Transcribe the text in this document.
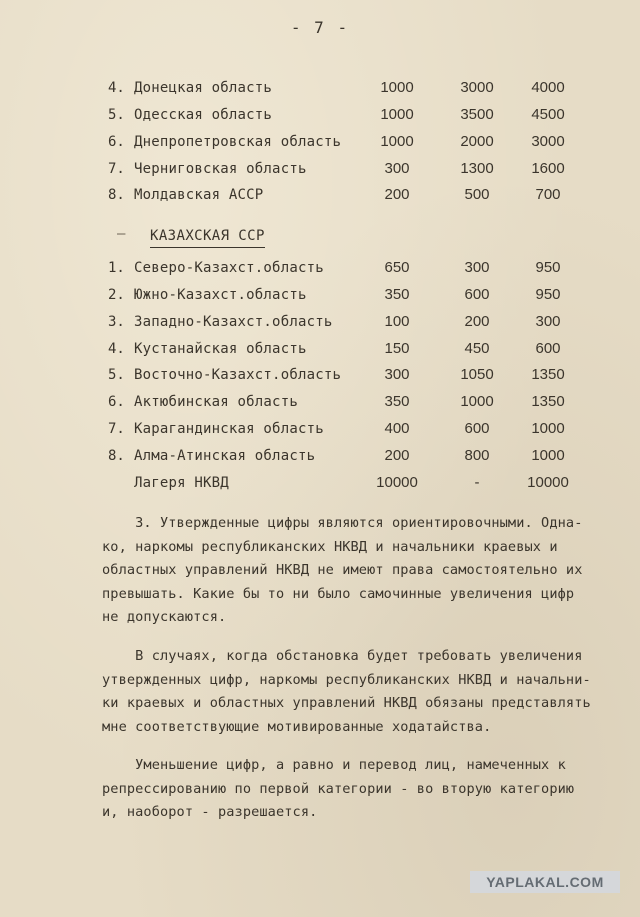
- 7 -
4. Донецкая область	1000	3000	4000
5. Одесская область	1000	3500	4500
6. Днепропетровская область	1000	2000	3000
7. Черниговская область	300	1300	1600
8. Молдавская АССР	200	500	700
– КАЗАХСКАЯ ССР
1. Северо-Казахст.область	650	300	950
2. Южно-Казахст.область	350	600	950
3. Западно-Казахст.область	100	200	300
4. Кустанайская область	150	450	600
5. Восточно-Казахст.область	300	1050	1350
6. Актюбинская область	350	1000	1350
7. Карагандинская область	400	600	1000
8. Алма-Атинская область	200	800	1000
Лагеря НКВД	10000	-	10000
3. Утвержденные цифры являются ориентировочными. Одна-
ко, наркомы республиканских НКВД и начальники краевых и
областных управлений НКВД не имеют права самостоятельно их
превышать. Какие бы то ни было самочинные увеличения цифр
не допускаются.
В случаях, когда обстановка будет требовать увеличения
утвержденных цифр, наркомы республиканских НКВД и начальни-
ки краевых и областных управлений НКВД обязаны представлять
мне соответствующие мотивированные ходатайства.
Уменьшение цифр, а равно и перевод лиц, намеченных к
репрессированию по первой категории - во вторую категорию
и, наоборот - разрешается.
YAPLAKAL.COM
